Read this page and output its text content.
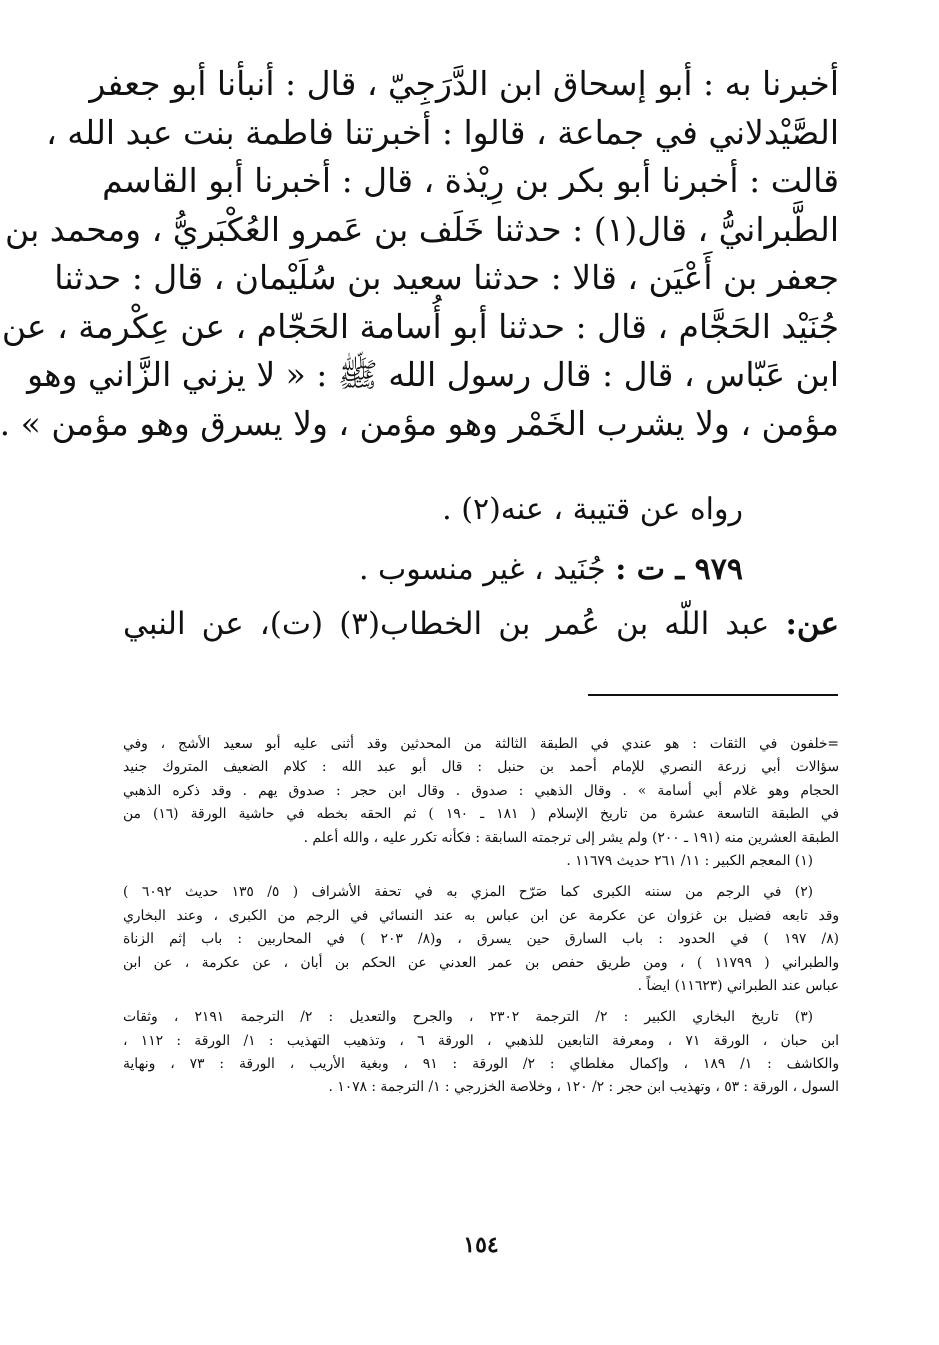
أخبرنا به : أبو إسحاق ابن الدَّرَجِيّ ، قال : أنبأنا أبو جعفر

الصَّيْدلاني في جماعة ، قالوا : أخبرتنا فاطمة بنت عبد الله ،

قالت : أخبرنا أبو بكر بن رِيْذة ، قال : أخبرنا أبو القاسم

الطَّبرانيُّ ، قال(١) : حدثنا خَلَف بن عَمرو العُكْبَريُّ ، ومحمد بن

جعفر بن أَعْيَن ، قالا : حدثنا سعيد بن سُلَيْمان ، قال : حدثنا

جُنَيْد الحَجَّام ، قال : حدثنا أبو أُسامة الحَجّام ، عن عِكْرمة ، عن

ابن عَبّاس ، قال : قال رسول الله ﷺ : « لا يزني الزَّاني وهو

مؤمن ، ولا يشرب الخَمْر وهو مؤمن ، ولا يسرق وهو مؤمن » .

رواه عن قتيبة ، عنه(٢) .
٩٧٩ ـ ت : جُنَيد ، غير منسوب .
عن: عبد اللّه بن عُمر بن الخطاب(٣) (ت)، عن النبي

=خلفون في الثقات : هو عندي في الطبقة الثالثة من المحدثين وقد أثنى عليه أبو سعيد الأشج ، وفي

سؤالات أبي زرعة النصري للإمام أحمد بن حنبل : قال أبو عبد الله : كلام الضعيف المتروك جنيد

الحجام وهو غلام أبي أسامة » . وقال الذهبي : صدوق . وقال ابن حجر : صدوق يهم . وقد ذكره الذهبي

في الطبقة التاسعة عشرة من تاريخ الإسلام ( ١٨١ ـ ١٩٠ ) ثم الحقه بخطه في حاشية الورقة (١٦) من

الطبقة العشرين منه (١٩١ ـ ٢٠٠) ولم يشر إلى ترجمته السابقة : فكأنه تكرر عليه ، والله أعلم .

(١) المعجم الكبير : ١١/ ٢٦١ حديث ١١٦٧٩ .

(٢) في الرجم من سننه الكبرى كما صَرّح المزي به في تحفة الأشراف ( ٥/ ١٣٥ حديث ٦٠٩٢ )

وقد تابعه فضيل بن غزوان عن عكرمة عن ابن عباس به عند النسائي في الرجم من الكبرى ، وعند البخاري

(٨/ ١٩٧ ) في الحدود : باب السارق حين يسرق ، و(٨/ ٢٠٣ ) في المحاربين : باب إثم الزناة

والطبراني ( ١١٧٩٩ ) ، ومن طريق حفص بن عمر العدني عن الحكم بن أبان ، عن عكرمة ، عن ابن

عباس عند الطبراني (١١٦٢٣) ايضاً .

(٣) تاريخ البخاري الكبير : ٢/ الترجمة ٢٣٠٢ ، والجرح والتعديل : ٢/ الترجمة ٢١٩١ ، وثقات

ابن حبان ، الورقة ٧١ ، ومعرفة التابعين للذهبي ، الورقة ٦ ، وتذهيب التهذيب : ١/ الورقة : ١١٢ ،

والكاشف : ١/ ١٨٩ ، وإكمال مغلطاي : ٢/ الورقة : ٩١ ، وبغية الأريب ، الورقة : ٧٣ ، ونهاية

السول ، الورقة : ٥٣ ، وتهذيب ابن حجر : ٢/ ١٢٠ ، وخلاصة الخزرجي : ١/ الترجمة : ١٠٧٨ .

١٥٤
